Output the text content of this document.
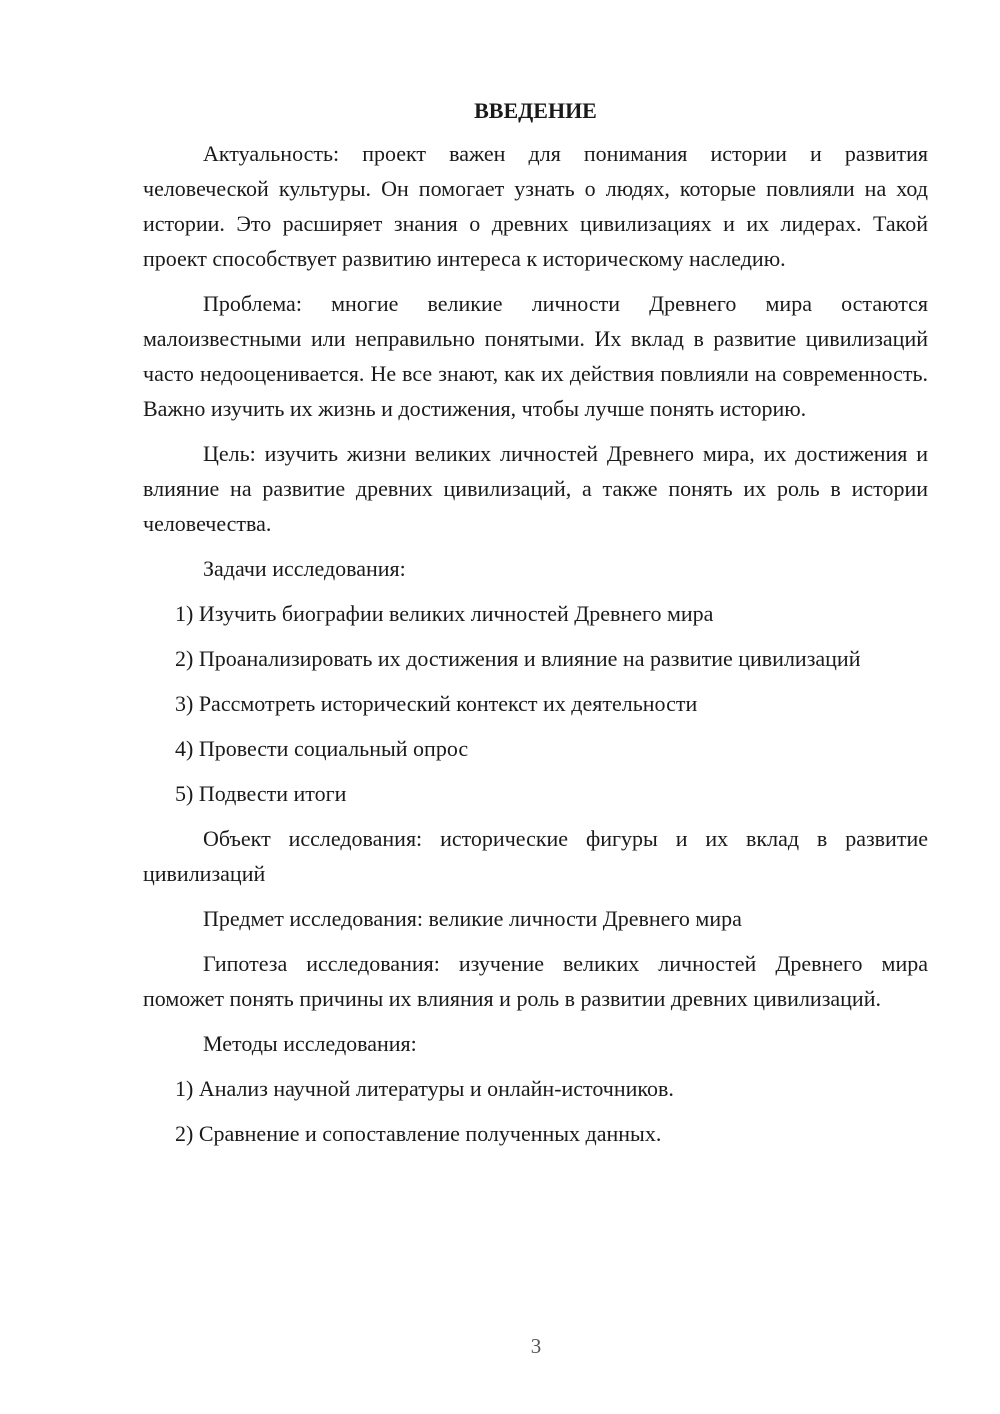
ВВЕДЕНИЕ

Актуальность: проект важен для понимания истории и развития человеческой культуры. Он помогает узнать о людях, которые повлияли на ход истории. Это расширяет знания о древних цивилизациях и их лидерах. Такой проект способствует развитию интереса к историческому наследию.

Проблема: многие великие личности Древнего мира остаются малоизвестными или неправильно понятыми. Их вклад в развитие цивилизаций часто недооценивается. Не все знают, как их действия повлияли на современность. Важно изучить их жизнь и достижения, чтобы лучше понять историю.

Цель: изучить жизни великих личностей Древнего мира, их достижения и влияние на развитие древних цивилизаций, а также понять их роль в истории человечества.

Задачи исследования:

1) Изучить биографии великих личностей Древнего мира

2) Проанализировать их достижения и влияние на развитие цивилизаций

3) Рассмотреть исторический контекст их деятельности

4) Провести социальный опрос

5) Подвести итоги

Объект исследования: исторические фигуры и их вклад в развитие цивилизаций

Предмет исследования: великие личности Древнего мира

Гипотеза исследования: изучение великих личностей Древнего мира поможет понять причины их влияния и роль в развитии древних цивилизаций.

Методы исследования:

1) Анализ научной литературы и онлайн-источников.

2) Сравнение и сопоставление полученных данных.

3
